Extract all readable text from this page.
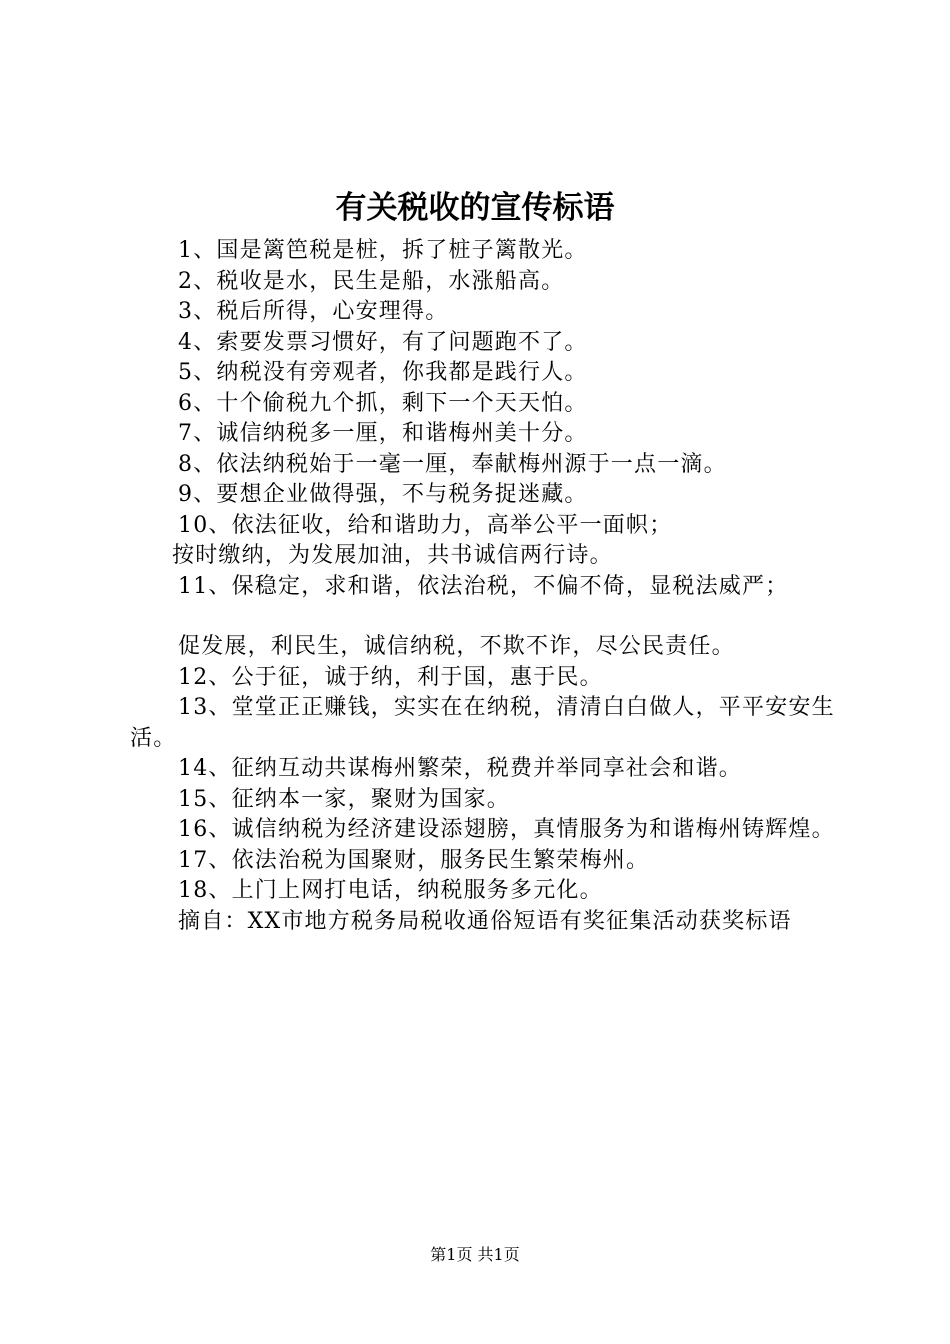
有关税收的宣传标语
1、国是篱笆税是桩，拆了桩子篱散光。
2、税收是水，民生是船，水涨船高。
3、税后所得，心安理得。
4、索要发票习惯好，有了问题跑不了。
5、纳税没有旁观者，你我都是践行人。
6、十个偷税九个抓，剩下一个天天怕。
7、诚信纳税多一厘，和谐梅州美十分。
8、依法纳税始于一毫一厘，奉献梅州源于一点一滴。
9、要想企业做得强，不与税务捉迷藏。
10、依法征收，给和谐助力，高举公平一面帜；
按时缴纳，为发展加油，共书诚信两行诗。
11、保稳定，求和谐，依法治税，不偏不倚，显税法威严；
促发展，利民生，诚信纳税，不欺不诈，尽公民责任。
12、公于征，诚于纳，利于国，惠于民。
13、堂堂正正赚钱，实实在在纳税，清清白白做人，平平安安生活。
14、征纳互动共谋梅州繁荣，税费并举同享社会和谐。
15、征纳本一家，聚财为国家。
16、诚信纳税为经济建设添翅膀，真情服务为和谐梅州铸辉煌。
17、依法治税为国聚财，服务民生繁荣梅州。
18、上门上网打电话，纳税服务多元化。
摘自：XX市地方税务局税收通俗短语有奖征集活动获奖标语
第1页 共1页
